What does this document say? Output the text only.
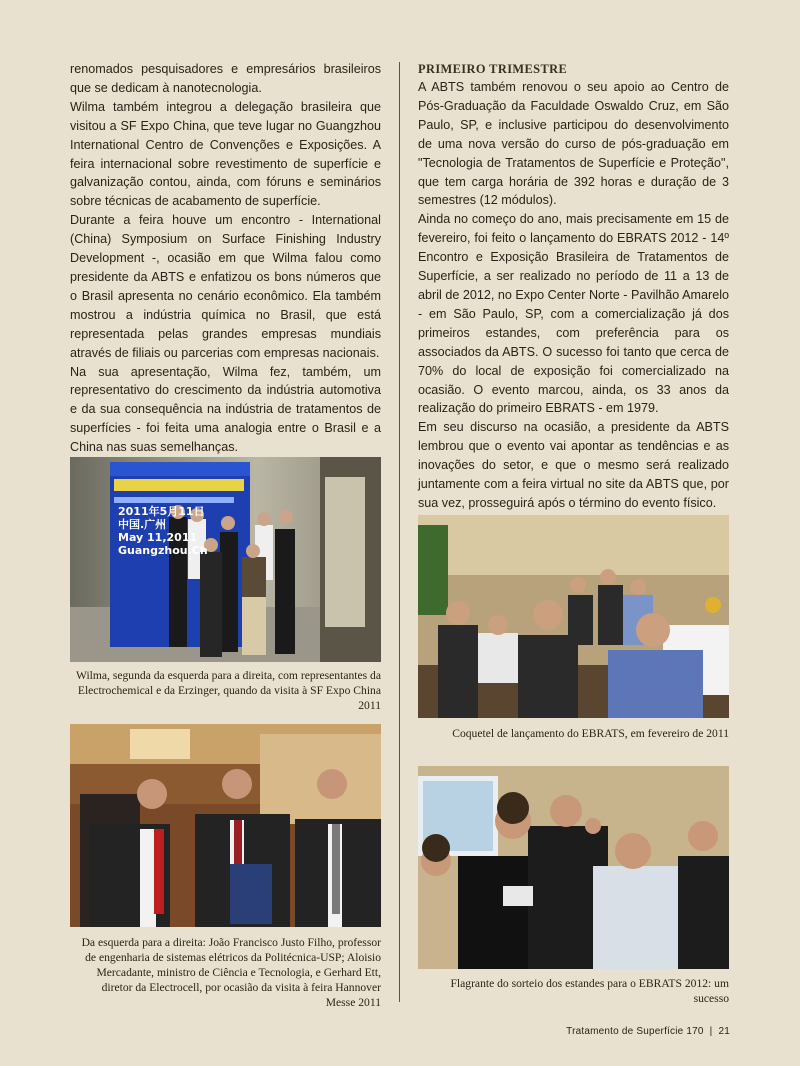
renomados pesquisadores e empresários brasileiros que se dedicam à nanotecnologia.

Wilma também integrou a delegação brasileira que visitou a SF Expo China, que teve lugar no Guangzhou International Centro de Convenções e Exposições. A feira internacional sobre revestimento de superfície e galvanização contou, ainda, com fóruns e seminários sobre técnicas de acabamento de superfície.

Durante a feira houve um encontro - International (China) Symposium on Surface Finishing Industry Development -, ocasião em que Wilma falou como presidente da ABTS e enfatizou os bons números que o Brasil apresenta no cenário econômico. Ela também mostrou a indústria química no Brasil, que está representada pelas grandes empresas mundiais através de filiais ou parcerias com empresas nacionais.

Na sua apresentação, Wilma fez, também, um representativo do crescimento da indústria automotiva e da sua consequência na indústria de tratamentos de superfícies - foi feita uma analogia entre o Brasil e a China nas suas semelhanças.

2011年5月11日
中国.广州
May 11,2011
Guangzhou.Ch
Wilma, segunda da esquerda para a direita, com representantes da Electrochemical e da Erzinger, quando da visita à SF Expo China 2011
Da esquerda para a direita: João Francisco Justo Filho, professor de engenharia de sistemas elétricos da Politécnica-USP; Aloisio Mercadante, ministro de Ciência e Tecnologia, e Gerhard Ett, diretor da Electrocell, por ocasião da visita à feira Hannover Messe 2011
PRIMEIRO TRIMESTRE

A ABTS também renovou o seu apoio ao Centro de Pós-Graduação da Faculdade Oswaldo Cruz, em São Paulo, SP, e inclusive participou do desenvolvimento de uma nova versão do curso de pós-graduação em "Tecnologia de Tratamentos de Superfície e Proteção", que tem carga horária de 392 horas e duração de 3 semestres (12 módulos).

Ainda no começo do ano, mais precisamente em 15 de fevereiro, foi feito o lançamento do EBRATS 2012 - 14º Encontro e Exposição Brasileira de Tratamentos de Superfície, a ser realizado no período de 11 a 13 de abril de 2012, no Expo Center Norte - Pavilhão Amarelo - em São Paulo, SP, com a comercialização já dos primeiros estandes, com preferência para os associados da ABTS. O sucesso foi tanto que cerca de 70% do local de exposição foi comercializado na ocasião. O evento marcou, ainda, os 33 anos da realização do primeiro EBRATS - em 1979.

Em seu discurso na ocasião, a presidente da ABTS lembrou que o evento vai apontar as tendências e as inovações do setor, e que o mesmo será realizado juntamente com a feira virtual no site da ABTS que, por sua vez, prosseguirá após o término do evento físico.

Coquetel de lançamento do EBRATS, em fevereiro de 2011
Flagrante do sorteio dos estandes para o EBRATS 2012: um sucesso
Tratamento de Superfície 170 | 21
